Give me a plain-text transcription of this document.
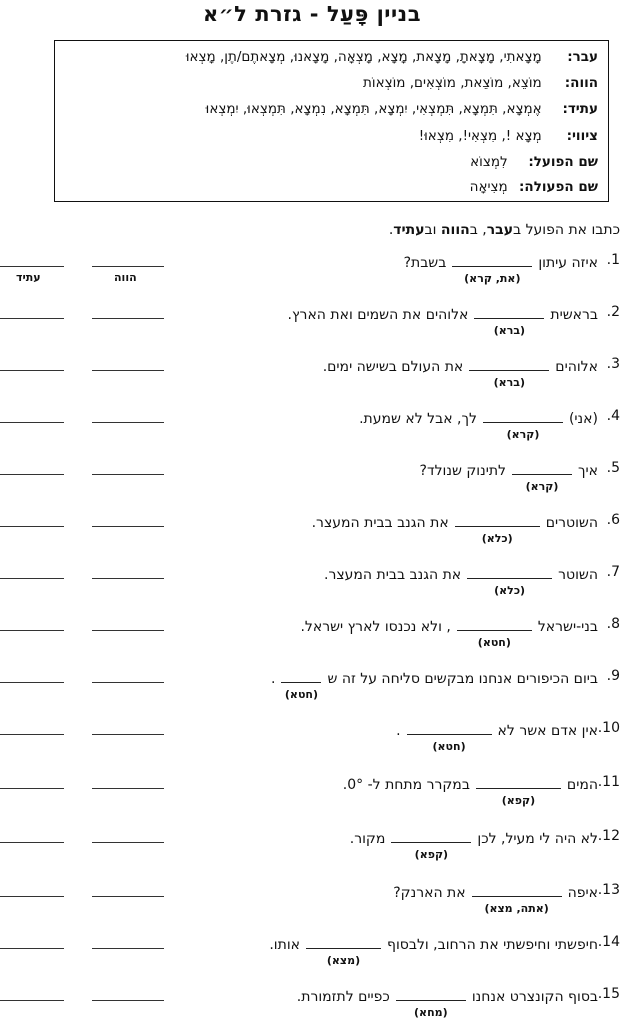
בניין פָּעַל - גזרת ל״א
עבר: מָצָאתִי, מָצָאתָ, מָצָאת, מָצָא, מָצְאָה, מָצָאנוּ, מְצָאתֶם/תֶן, מָצְאוּ
הווה: מוֹצֵא, מוֹצֵאת, מוֹצְאִים, מוֹצְאוֹת
עתיד: אֶמְצָא, תִּמְצָא, תִּמְצְאִי, יִמְצָא, תִּמְצָא, נִמְצָא, תִּמְצְאוּ, יִמְצְאוּ
ציווי: מְצָא !, מִצְאִי!, מִצְאוּ!
שם הפועל: לִמְצוֹא
שם הפעולה: מְצִיאָה
כתבו את הפועל בעבר, בהווה ובעתיד.
הווה
עתיד
1.
איזה עיתוןבשבת?
(את, קרא)
2.
בראשיתאלוהים את השמים ואת הארץ.
(ברא)
3.
אלוהיםאת העולם בשישה ימים.
(ברא)
4.
(אני)לך, אבל לא שמעת.
(קרא)
5.
איךלתינוק שנולד?
(קרא)
6.
השוטריםאת הגנב בבית המעצר.
(כלא)
7.
השוטראת הגנב בבית המעצר.
(כלא)
8.
בני-ישראל, ולא נכנסו לארץ ישראל.
(חטא)
9.
ביום הכיפורים אנחנו מבקשים סליחה על זה ש.
(חטא)
10.
אין אדם אשר לא.
(חטא)
11.
המיםבמקרר מתחת ל- 0°.
(קפא)
12.
לא היה לי מעיל, לכןמקור.
(קפא)
13.
איפהאת הארנק?
(אתה, מצא)
14.
חיפשתי וחיפשתי את הרחוב, ולבסוףאותו.
(מצא)
15.
בסוף הקונצרט אנחנוכפיים לתזמורת.
(מחא)
